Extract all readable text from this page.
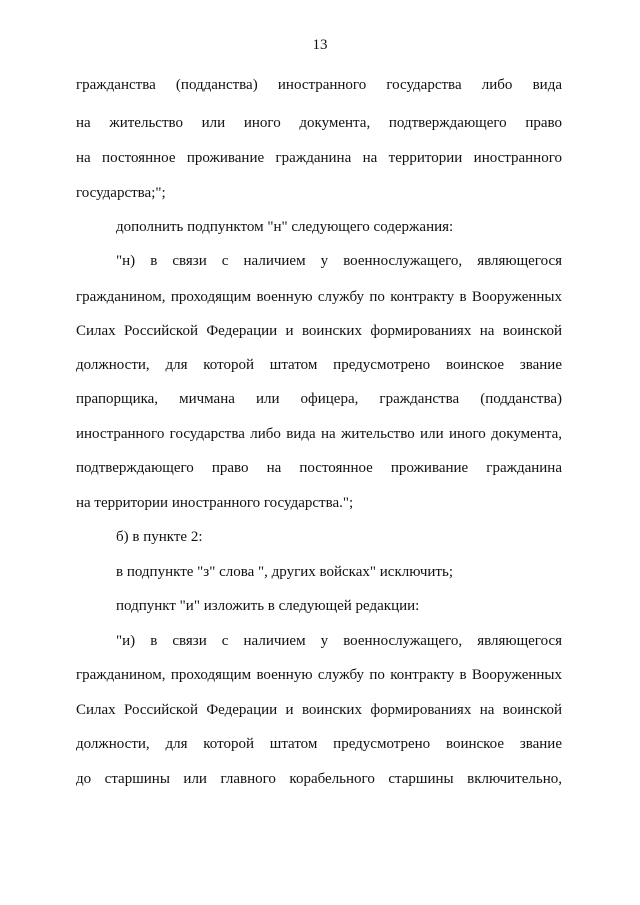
13
гражданства (подданства) иностранного государства либо вида
на жительство или иного документа, подтверждающего право
на постоянное проживание гражданина на территории иностранного
государства;";
дополнить подпунктом "н" следующего содержания:
"н) в связи с наличием у военнослужащего, являющегося
гражданином, проходящим военную службу по контракту в Вооруженных
Силах Российской Федерации и воинских формированиях на воинской
должности, для которой штатом предусмотрено воинское звание
прапорщика, мичмана или офицера, гражданства (подданства)
иностранного государства либо вида на жительство или иного документа,
подтверждающего право на постоянное проживание гражданина
на территории иностранного государства.";
б) в пункте 2:
в подпункте "з" слова ", других войсках" исключить;
подпункт "и" изложить в следующей редакции:
"и) в связи с наличием у военнослужащего, являющегося
гражданином, проходящим военную службу по контракту в Вооруженных
Силах Российской Федерации и воинских формированиях на воинской
должности, для которой штатом предусмотрено воинское звание
до старшины или главного корабельного старшины включительно,
